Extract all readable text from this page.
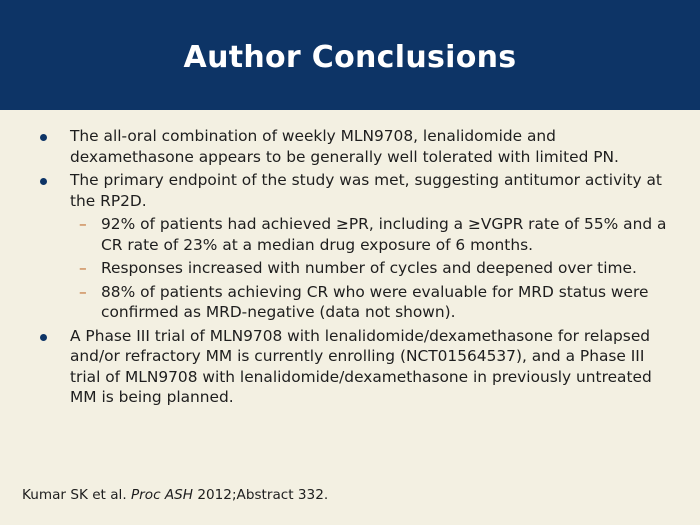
Author Conclusions
The all-oral combination of weekly MLN9708, lenalidomide and dexamethasone appears to be generally well tolerated with limited PN.
The primary endpoint of the study was met, suggesting antitumor activity at the RP2D.
– 92% of patients had achieved ≥PR, including a ≥VGPR rate of 55% and a CR rate of 23% at a median drug exposure of 6 months.
– Responses increased with number of cycles and deepened over time.
– 88% of patients achieving CR who were evaluable for MRD status were confirmed as MRD-negative (data not shown).
A Phase III trial of MLN9708 with lenalidomide/dexamethasone for relapsed and/or refractory MM is currently enrolling (NCT01564537), and a Phase III trial of MLN9708 with lenalidomide/dexamethasone in previously untreated MM is being planned.
Kumar SK et al. Proc ASH 2012;Abstract 332.
